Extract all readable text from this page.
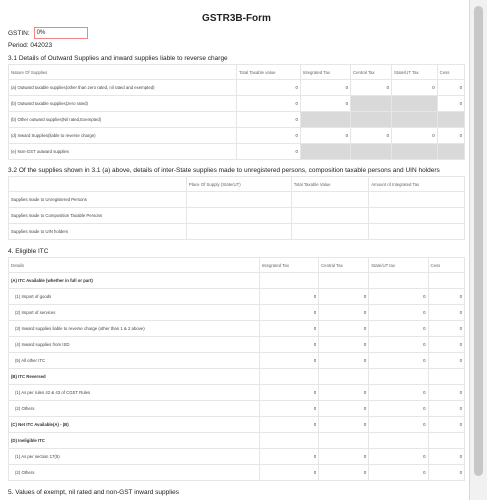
GSTR3B-Form
GSTIN:	0%
Period:
042023
3.1 Details of Outward Supplies and inward supplies liable to reverse charge
Nature Of Supplies	Total Taxable value	Integrated Tax	Central Tax	State/UT Tax	Cess
(a) Outward taxable supplies(other than zero rated, nil rated and exempted)	0	0	0	0	0
(b) Outward taxable supplies(zero rated)	0	0			0
(b) Other outward supplies(Nil rated,Exempted)	0				
(d) Inward Supplies(liable to reverse charge)	0	0	0	0	0
(e) Non-GST outward supplies	0				
3.2 Of the supplies shown in 3.1 (a) above, details of inter-State supplies made to unregistered persons, composition taxable persons and UIN holders
	Place Of Supply (State/UT)	Total Taxable Value	Amount of Integrated Tax
Supplies made to Unregistered Persons			
Supplies made to Composition Taxable Persons			
Supplies made to UIN holders			
4. Eligible ITC
Details	Integrated Tax	Central Tax	State/UT tax	Cess
(A) ITC Available (whether in full or part)				
(1) Import of goods	0	0	0	0
(2) Import of services	0	0	0	0
(3) Inward supplies liable to reverse charge (other than 1 & 2 above)	0	0	0	0
(4) Inward supplies from ISD	0	0	0	0
(5) All other ITC	0	0	0	0
(B) ITC Reversed				
(1) As per rules 42 & 43 of CGST Rules	0	0	0	0
(2) Others	0	0	0	0
(C) Net ITC Available(A) - (B)	0	0	0	0
(D) Ineligible ITC				
(1) As per section 17(5)	0	0	0	0
(2) Others	0	0	0	0
5. Values of exempt, nil rated and non-GST inward supplies
